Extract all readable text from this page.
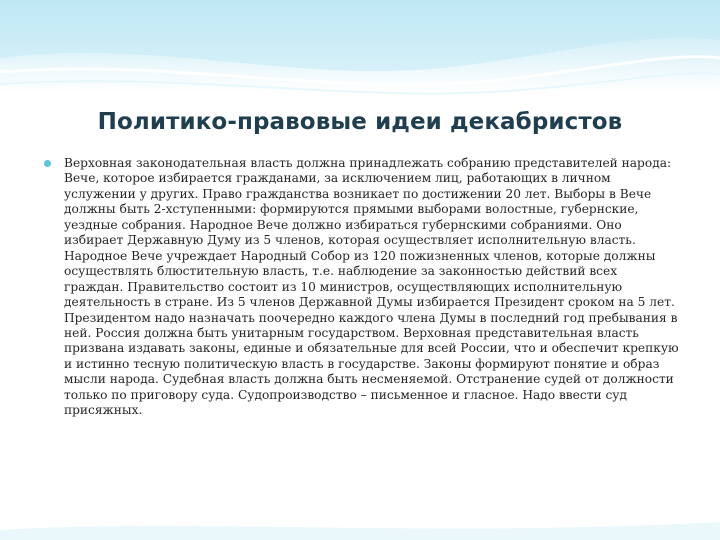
Политико-правовые идеи декабристов

Верховная законодательная власть должна принадлежать собранию представителей народа: Вече, которое избирается гражданами, за исключением лиц, работающих в личном услужении у других. Право гражданства возникает по достижении 20 лет. Выборы в Вече должны быть 2-хступенными: формируются прямыми выборами волостные, губернские, уездные собрания. Народное Вече должно избираться губернскими собраниями. Оно избирает Державную Думу из 5 членов, которая осуществляет исполнительную власть. Народное Вече учреждает Народный Собор из 120 пожизненных членов, которые должны осуществлять блюстительную власть, т.е. наблюдение за законностью действий всех граждан. Правительство состоит из 10 министров, осуществляющих исполнительную деятельность в стране. Из 5 членов Державной Думы избирается Президент сроком на 5 лет. Президентом надо назначать поочередно каждого члена Думы в последний год пребывания в ней. Россия должна быть унитарным государством. Верховная представительная власть призвана издавать законы, единые и обязательные для всей России, что и обеспечит крепкую и истинно тесную политическую власть в государстве. Законы формируют понятие и образ мысли народа. Судебная власть должна быть несменяемой. Отстранение судей от должности только по приговору суда. Судопроизводство – письменное и гласное. Надо ввести суд присяжных.
